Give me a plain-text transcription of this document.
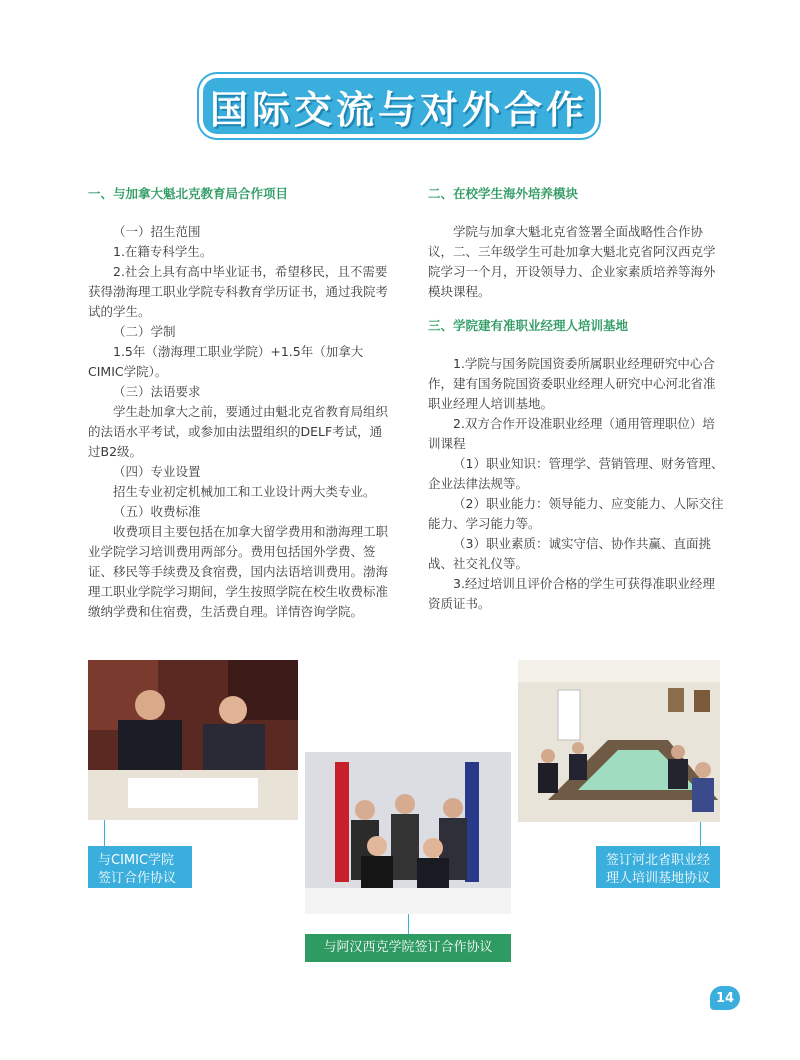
国际交流与对外合作
一、与加拿大魁北克教育局合作项目

（一）招生范围

1.在籍专科学生。

2.社会上具有高中毕业证书，希望移民，且不需要获得渤海理工职业学院专科教育学历证书，通过我院考试的学生。

（二）学制

1.5年（渤海理工职业学院）+1.5年（加拿大CIMIC学院）。

（三）法语要求

学生赴加拿大之前，要通过由魁北克省教育局组织的法语水平考试，或参加由法盟组织的DELF考试，通过B2级。

（四）专业设置

招生专业初定机械加工和工业设计两大类专业。

（五）收费标准

收费项目主要包括在加拿大留学费用和渤海理工职业学院学习培训费用两部分。费用包括国外学费、签证、移民等手续费及食宿费，国内法语培训费用。渤海理工职业学院学习期间，学生按照学院在校生收费标准缴纳学费和住宿费，生活费自理。详情咨询学院。

二、在校学生海外培养模块

学院与加拿大魁北克省签署全面战略性合作协议，二、三年级学生可赴加拿大魁北克省阿汉西克学院学习一个月，开设领导力、企业家素质培养等海外模块课程。

三、学院建有准职业经理人培训基地

1.学院与国务院国资委所属职业经理研究中心合作，建有国务院国资委职业经理人研究中心河北省准职业经理人培训基地。

2.双方合作开设准职业经理（通用管理职位）培训课程

（1）职业知识：管理学、营销管理、财务管理、企业法律法规等。

（2）职业能力：领导能力、应变能力、人际交往能力、学习能力等。

（3）职业素质：诚实守信、协作共赢、直面挑战、社交礼仪等。

3.经过培训且评价合格的学生可获得准职业经理资质证书。

与CIMIC学院签订合作协议
与阿汉西克学院签订合作协议
签订河北省职业经理人培训基地协议
14
